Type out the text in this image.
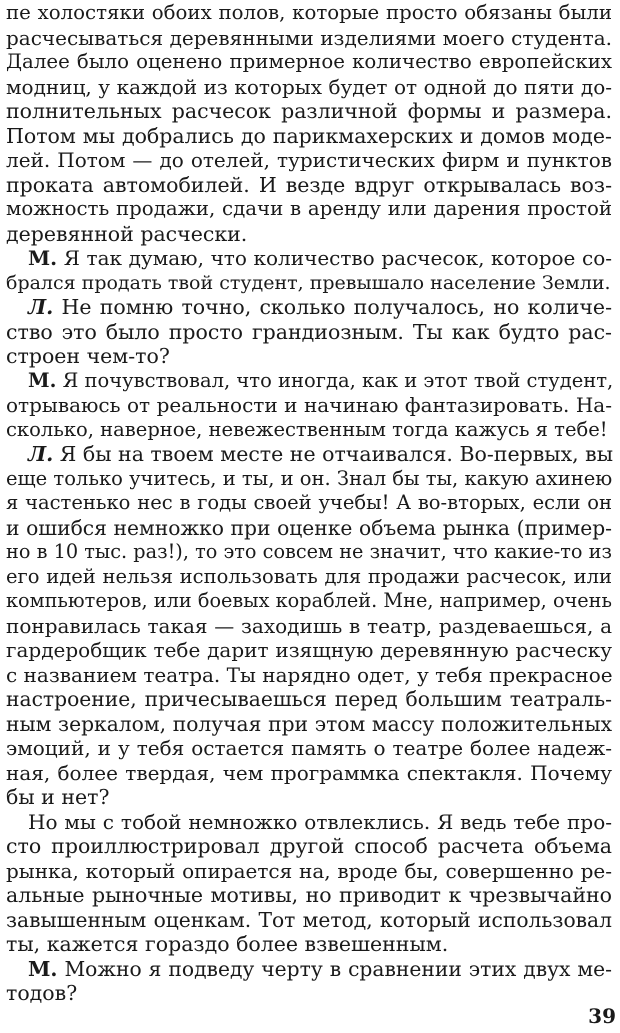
пе холостяки обоих полов, которые просто обязаны были
расчесываться деревянными изделиями моего студента.
Далее было оценено примерное количество европейских
модниц, у каждой из которых будет от одной до пяти до-
полнительных расчесок различной формы и размера.
Потом мы добрались до парикмахерских и домов моде-
лей. Потом — до отелей, туристических фирм и пунктов
проката автомобилей. И везде вдруг открывалась воз-
можность продажи, сдачи в аренду или дарения простой
деревянной расчески.
М. Я так думаю, что количество расчесок, которое со-
брался продать твой студент, превышало население Земли.
Л. Не помню точно, сколько получалось, но количе-
ство это было просто грандиозным. Ты как будто рас-
строен чем-то?
М. Я почувствовал, что иногда, как и этот твой студент,
отрываюсь от реальности и начинаю фантазировать. На-
сколько, наверное, невежественным тогда кажусь я тебе!
Л. Я бы на твоем месте не отчаивался. Во-первых, вы
еще только учитесь, и ты, и он. Знал бы ты, какую ахинею
я частенько нес в годы своей учебы! А во-вторых, если он
и ошибся немножко при оценке объема рынка (пример-
но в 10 тыс. раз!), то это совсем не значит, что какие-то из
его идей нельзя использовать для продажи расчесок, или
компьютеров, или боевых кораблей. Мне, например, очень
понравилась такая — заходишь в театр, раздеваешься, а
гардеробщик тебе дарит изящную деревянную расческу
с названием театра. Ты нарядно одет, у тебя прекрасное
настроение, причесываешься перед большим театраль-
ным зеркалом, получая при этом массу положительных
эмоций, и у тебя остается память о театре более надеж-
ная, более твердая, чем программка спектакля. Почему
бы и нет?
Но мы с тобой немножко отвлеклись. Я ведь тебе про-
сто проиллюстрировал другой способ расчета объема
рынка, который опирается на, вроде бы, совершенно ре-
альные рыночные мотивы, но приводит к чрезвычайно
завышенным оценкам. Тот метод, который использовал
ты, кажется гораздо более взвешенным.
М. Можно я подведу черту в сравнении этих двух ме-
тодов?
39
